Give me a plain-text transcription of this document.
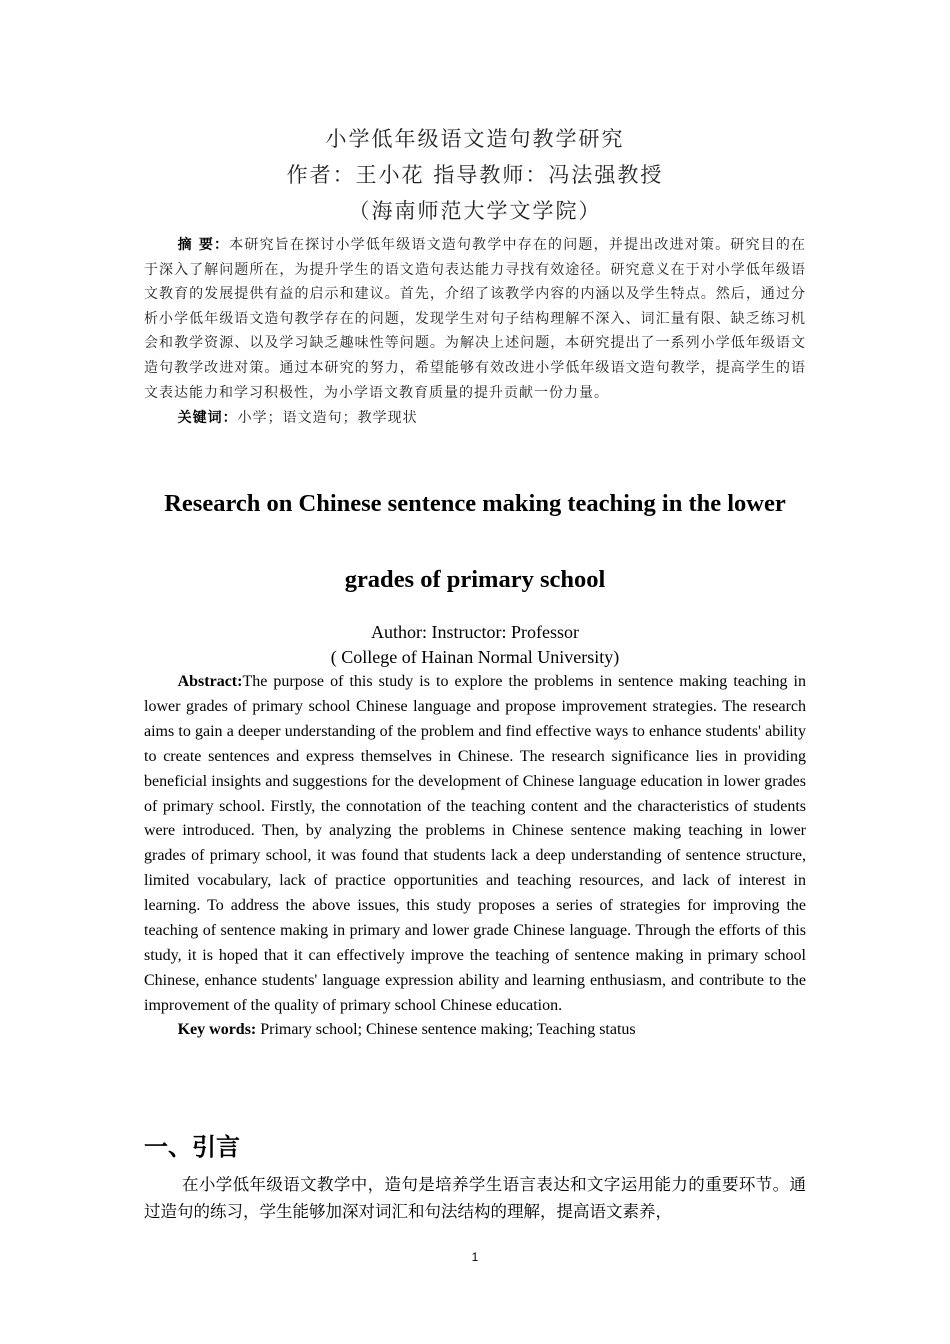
小学低年级语文造句教学研究
作者：王小花 指导教师：冯法强教授
（海南师范大学文学院）

摘 要：本研究旨在探讨小学低年级语文造句教学中存在的问题，并提出改进对策。研究目的在于深入了解问题所在，为提升学生的语文造句表达能力寻找有效途径。研究意义在于对小学低年级语文教育的发展提供有益的启示和建议。首先，介绍了该教学内容的内涵以及学生特点。然后，通过分析小学低年级语文造句教学存在的问题，发现学生对句子结构理解不深入、词汇量有限、缺乏练习机会和教学资源、以及学习缺乏趣味性等问题。为解决上述问题，本研究提出了一系列小学低年级语文造句教学改进对策。通过本研究的努力，希望能够有效改进小学低年级语文造句教学，提高学生的语文表达能力和学习积极性，为小学语文教育质量的提升贡献一份力量。

关键词：小学；语文造句；教学现状

Research on Chinese sentence making teaching in the lower
grades of primary school
Author: Instructor: Professor
( College of Hainan Normal University)

Abstract:The purpose of this study is to explore the problems in sentence making teaching in lower grades of primary school Chinese language and propose improvement strategies. The research aims to gain a deeper understanding of the problem and find effective ways to enhance students' ability to create sentences and express themselves in Chinese. The research significance lies in providing beneficial insights and suggestions for the development of Chinese language education in lower grades of primary school. Firstly, the connotation of the teaching content and the characteristics of students were introduced. Then, by analyzing the problems in Chinese sentence making teaching in lower grades of primary school, it was found that students lack a deep understanding of sentence structure, limited vocabulary, lack of practice opportunities and teaching resources, and lack of interest in learning. To address the above issues, this study proposes a series of strategies for improving the teaching of sentence making in primary and lower grade Chinese language. Through the efforts of this study, it is hoped that it can effectively improve the teaching of sentence making in primary school Chinese, enhance students' language expression ability and learning enthusiasm, and contribute to the improvement of the quality of primary school Chinese education.

Key words: Primary school; Chinese sentence making; Teaching status

一、引言

在小学低年级语文教学中，造句是培养学生语言表达和文字运用能力的重要环节。通过造句的练习，学生能够加深对词汇和句法结构的理解，提高语文素养，

1
